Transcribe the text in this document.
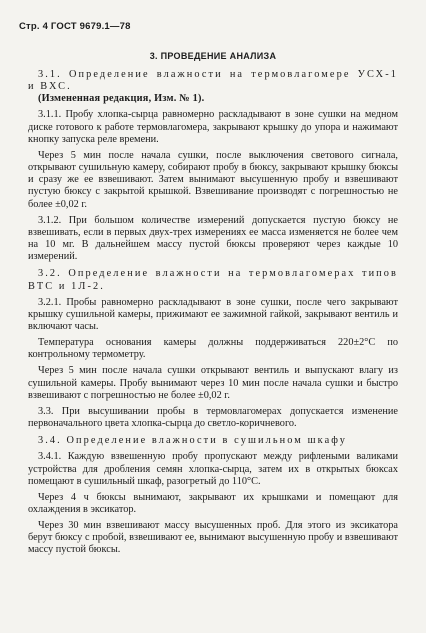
Стр. 4 ГОСТ 9679.1—78
3. ПРОВЕДЕНИЕ АНАЛИЗА

3.1. Определение влажности на термовлагомере УСХ-1 и ВХС.

(Измененная редакция, Изм. № 1).

3.1.1. Пробу хлопка-сырца равномерно раскладывают в зоне сушки на медном диске готового к работе термовлагомера, закрывают крышку до упора и нажимают кнопку запуска реле времени.

Через 5 мин после начала сушки, после выключения светового сигнала, открывают сушильную камеру, собирают пробу в бюксу, закрывают крышку бюксы и сразу же ее взвешивают. Затем вынимают высушенную пробу и взвешивают пустую бюксу с закрытой крышкой. Взвешивание производят с погрешностью не более ±0,02 г.

3.1.2. При большом количестве измерений допускается пустую бюксу не взвешивать, если в первых двух-трех измерениях ее масса изменяется не более чем на 10 мг. В дальнейшем массу пустой бюксы проверяют через каждые 10 измерений.

3.2. Определение влажности на термовлагомерах типов ВТС и 1Л-2.

3.2.1. Пробы равномерно раскладывают в зоне сушки, после чего закрывают крышку сушильной камеры, прижимают ее зажимной гайкой, закрывают вентиль и включают часы.

Температура основания камеры должны поддерживаться 220±2°С по контрольному термометру.

Через 5 мин после начала сушки открывают вентиль и выпускают влагу из сушильной камеры. Пробу вынимают через 10 мин после начала сушки и быстро взвешивают с погрешностью не более ±0,02 г.

3.3. При высушивании пробы в термовлагомерах допускается изменение первоначального цвета хлопка-сырца до светло-коричневого.

3.4. Определение влажности в сушильном шкафу

3.4.1. Каждую взвешенную пробу пропускают между рифлеными валиками устройства для дробления семян хлопка-сырца, затем их в открытых бюксах помещают в сушильный шкаф, разогретый до 110°С.

Через 4 ч бюксы вынимают, закрывают их крышками и помещают для охлаждения в эксикатор.

Через 30 мин взвешивают массу высушенных проб. Для этого из эксикатора берут бюксу с пробой, взвешивают ее, вынимают высушенную пробу и взвешивают массу пустой бюксы.
